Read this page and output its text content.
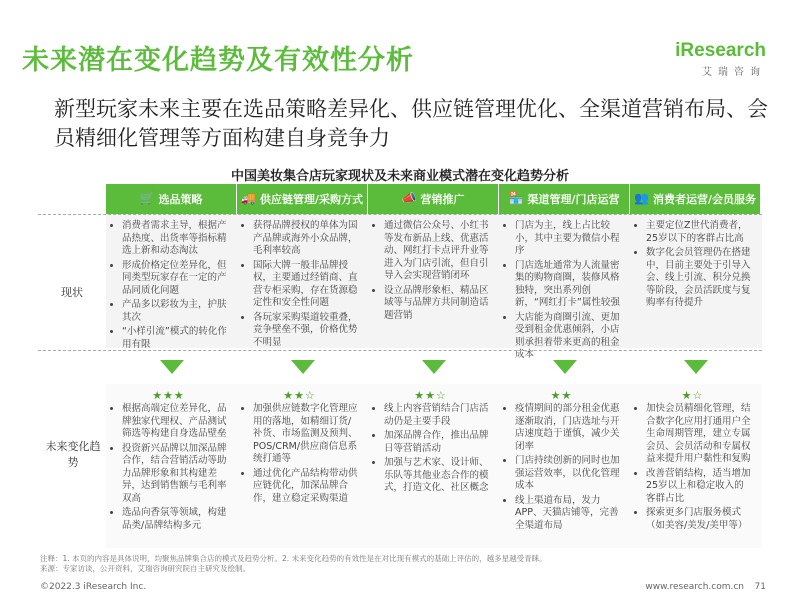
未来潜在变化趋势及有效性分析	iResearch
艾瑞咨询
新型玩家未来主要在选品策略差异化、供应链管理优化、全渠道营销布局、会员精细化管理等方面构建自身竞争力
中国美妆集合店玩家现状及未来商业模式潜在变化趋势分析
现状
未来变化趋势
🛒 选品策略
• 消费者需求主导，根据产品热度、出货率等指标精选上新和动态淘汰
• 形成价格定位差异化，但同类型玩家存在一定的产品同质化问题
• 产品多以彩妆为主，护肤其次
• “小样引流”模式的转化作用有限
★★★
• 根据高端定位差异化，品牌独家代理权、产品测试筛选等构建自身选品壁垒
• 投资新兴品牌以加深品牌合作，结合营销活动等助力品牌形象和其构建差异，达到销售额与毛利率双高
• 选品向香氛等领域，构建品类/品牌结构多元
🚚 供应链管理/采购方式
• 获得品牌授权的单体为国产品牌或海外小众品牌，毛利率较高
• 国际大牌一般非品牌授权，主要通过经销商、直营专柜采购，存在货源稳定性和安全性问题
• 各玩家采购渠道较重叠，竞争壁垒不强，价格优势不明显
★★☆
• 加强供应链数字化管理应用的落地，如精细订货/补货、市场监测及预判、POS/CRM/供应商信息系统打通等
• 通过优化产品结构带动供应链优化，加深品牌合作，建立稳定采购渠道
📣 营销推广
• 通过微信公众号、小红书等发布新品上线、优惠活动、网红打卡点评升业等进入为门店引流，但自引导入会实现营销闭环
• 设立品牌形象柜、精品区域等与品牌方共同制造话题营销
★★☆
• 线上内容营销结合门店活动仍是主要手段
• 加深品牌合作，推出品牌日等营销活动
• 加强与艺术家、设计师、乐队等其他业态合作的模式，打造文化、社区概念
🏪 渠道管理/门店运营
• 门店为主，线上占比较小，其中主要为微信小程序
• 门店选址通常为人流量密集的购物商圈，装修风格独特，突出系列创新，“网红打卡”属性较强
• 大店能为商圈引流、更加受到租金优惠倾斜，小店则承担着带来更高的租金成本
★★
• 疫情期间的部分租金优惠逐渐取消，门店选址与开店速度趋于谨慎，减少关闭率
• 门店持续创新的同时也加强运营效率，以优化管理成本
• 线上渠道布局，发力APP、天猫店铺等，完善全渠道布局
👥 消费者运营/会员服务
• 主要定位Z世代消费者，25岁以下的客群占比高
• 数字化会员管理仍在搭建中，目前主要处于引导入会、线上引流、积分兑换等阶段，会员活跃度与复购率有待提升
★☆
• 加快会员精细化管理，结合数字化应用打通用户全生命周期管理，建立专属会员、会员活动和专属权益来提升用户黏性和复购
• 改善营销结构，适当增加25岁以上和稳定收入的客群占比
• 探索更多门店服务模式（如美容/美发/美甲等）
注释：1. 本页的内容是具体说明，均聚焦品牌集合店的模式及趋势分析。2. 未来变化趋势的有效性是在对比现有模式的基础上评估的，越多星越受青睐。
来源：专家访谈，公开资料，艾瑞咨询研究院自主研究及绘制。
©2022.3 iResearch Inc.	www.research.com.cn 71
